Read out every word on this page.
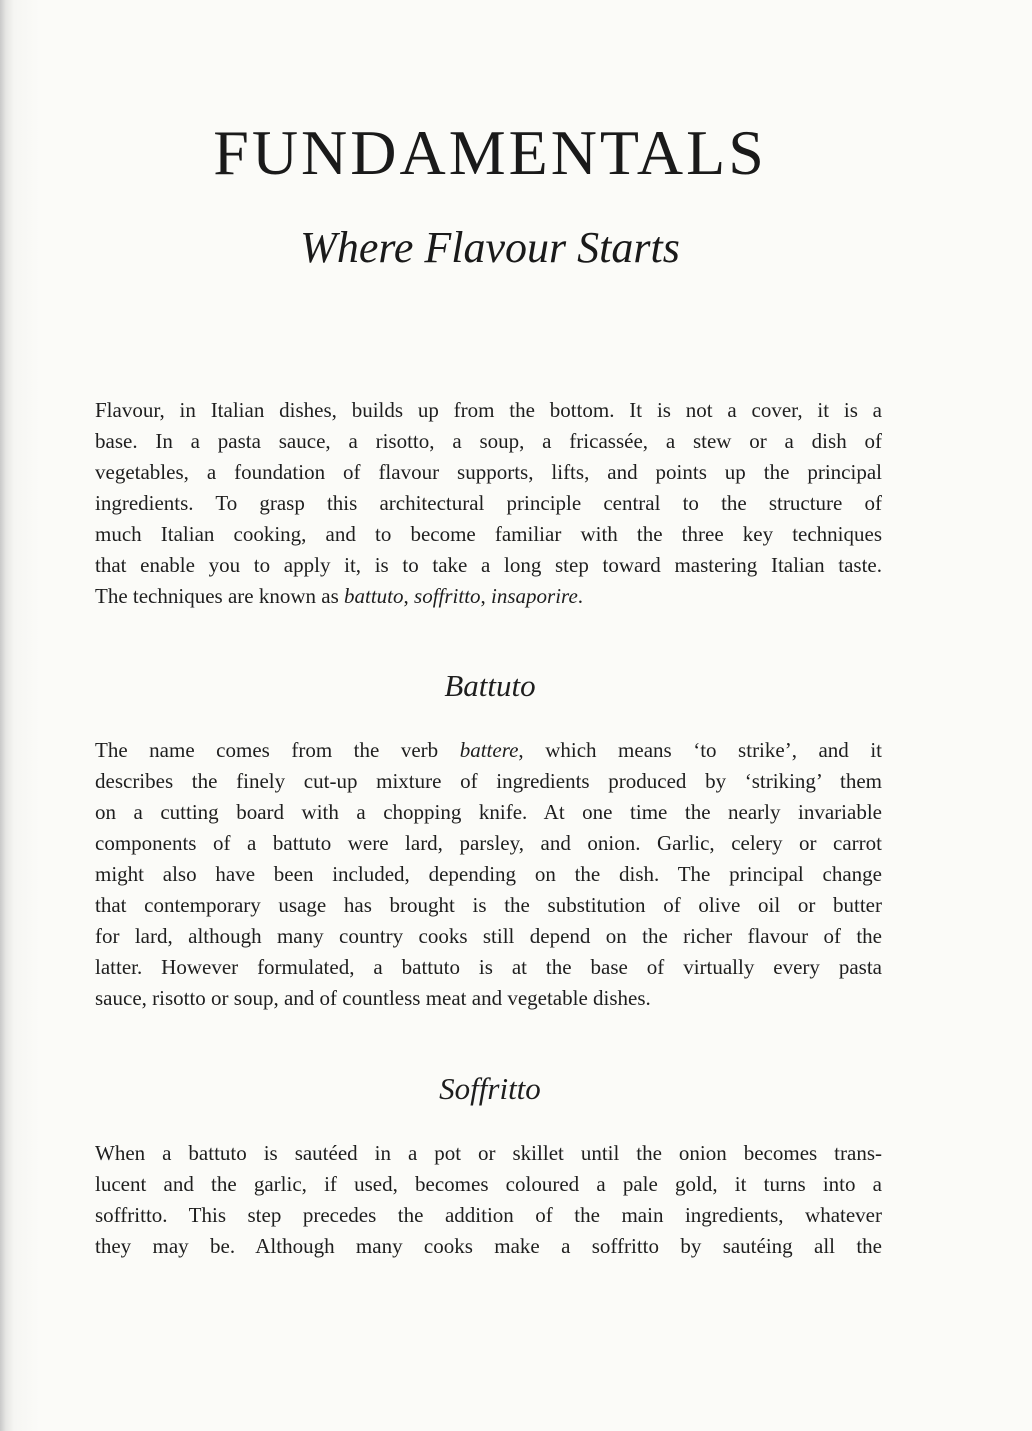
FUNDAMENTALS
Where Flavour Starts
Flavour, in Italian dishes, builds up from the bottom. It is not a cover, it is a
base. In a pasta sauce, a risotto, a soup, a fricassée, a stew or a dish of
vegetables, a foundation of flavour supports, lifts, and points up the principal
ingredients. To grasp this architectural principle central to the structure of
much Italian cooking, and to become familiar with the three key techniques
that enable you to apply it, is to take a long step toward mastering Italian taste.
The techniques are known as battuto, soffritto, insaporire.
Battuto
The name comes from the verb battere, which means ‘to strike’, and it
describes the finely cut-up mixture of ingredients produced by ‘striking’ them
on a cutting board with a chopping knife. At one time the nearly invariable
components of a battuto were lard, parsley, and onion. Garlic, celery or carrot
might also have been included, depending on the dish. The principal change
that contemporary usage has brought is the substitution of olive oil or butter
for lard, although many country cooks still depend on the richer flavour of the
latter. However formulated, a battuto is at the base of virtually every pasta
sauce, risotto or soup, and of countless meat and vegetable dishes.
Soffritto
When a battuto is sautéed in a pot or skillet until the onion becomes trans-
lucent and the garlic, if used, becomes coloured a pale gold, it turns into a
soffritto. This step precedes the addition of the main ingredients, whatever
they may be. Although many cooks make a soffritto by sautéing all the
